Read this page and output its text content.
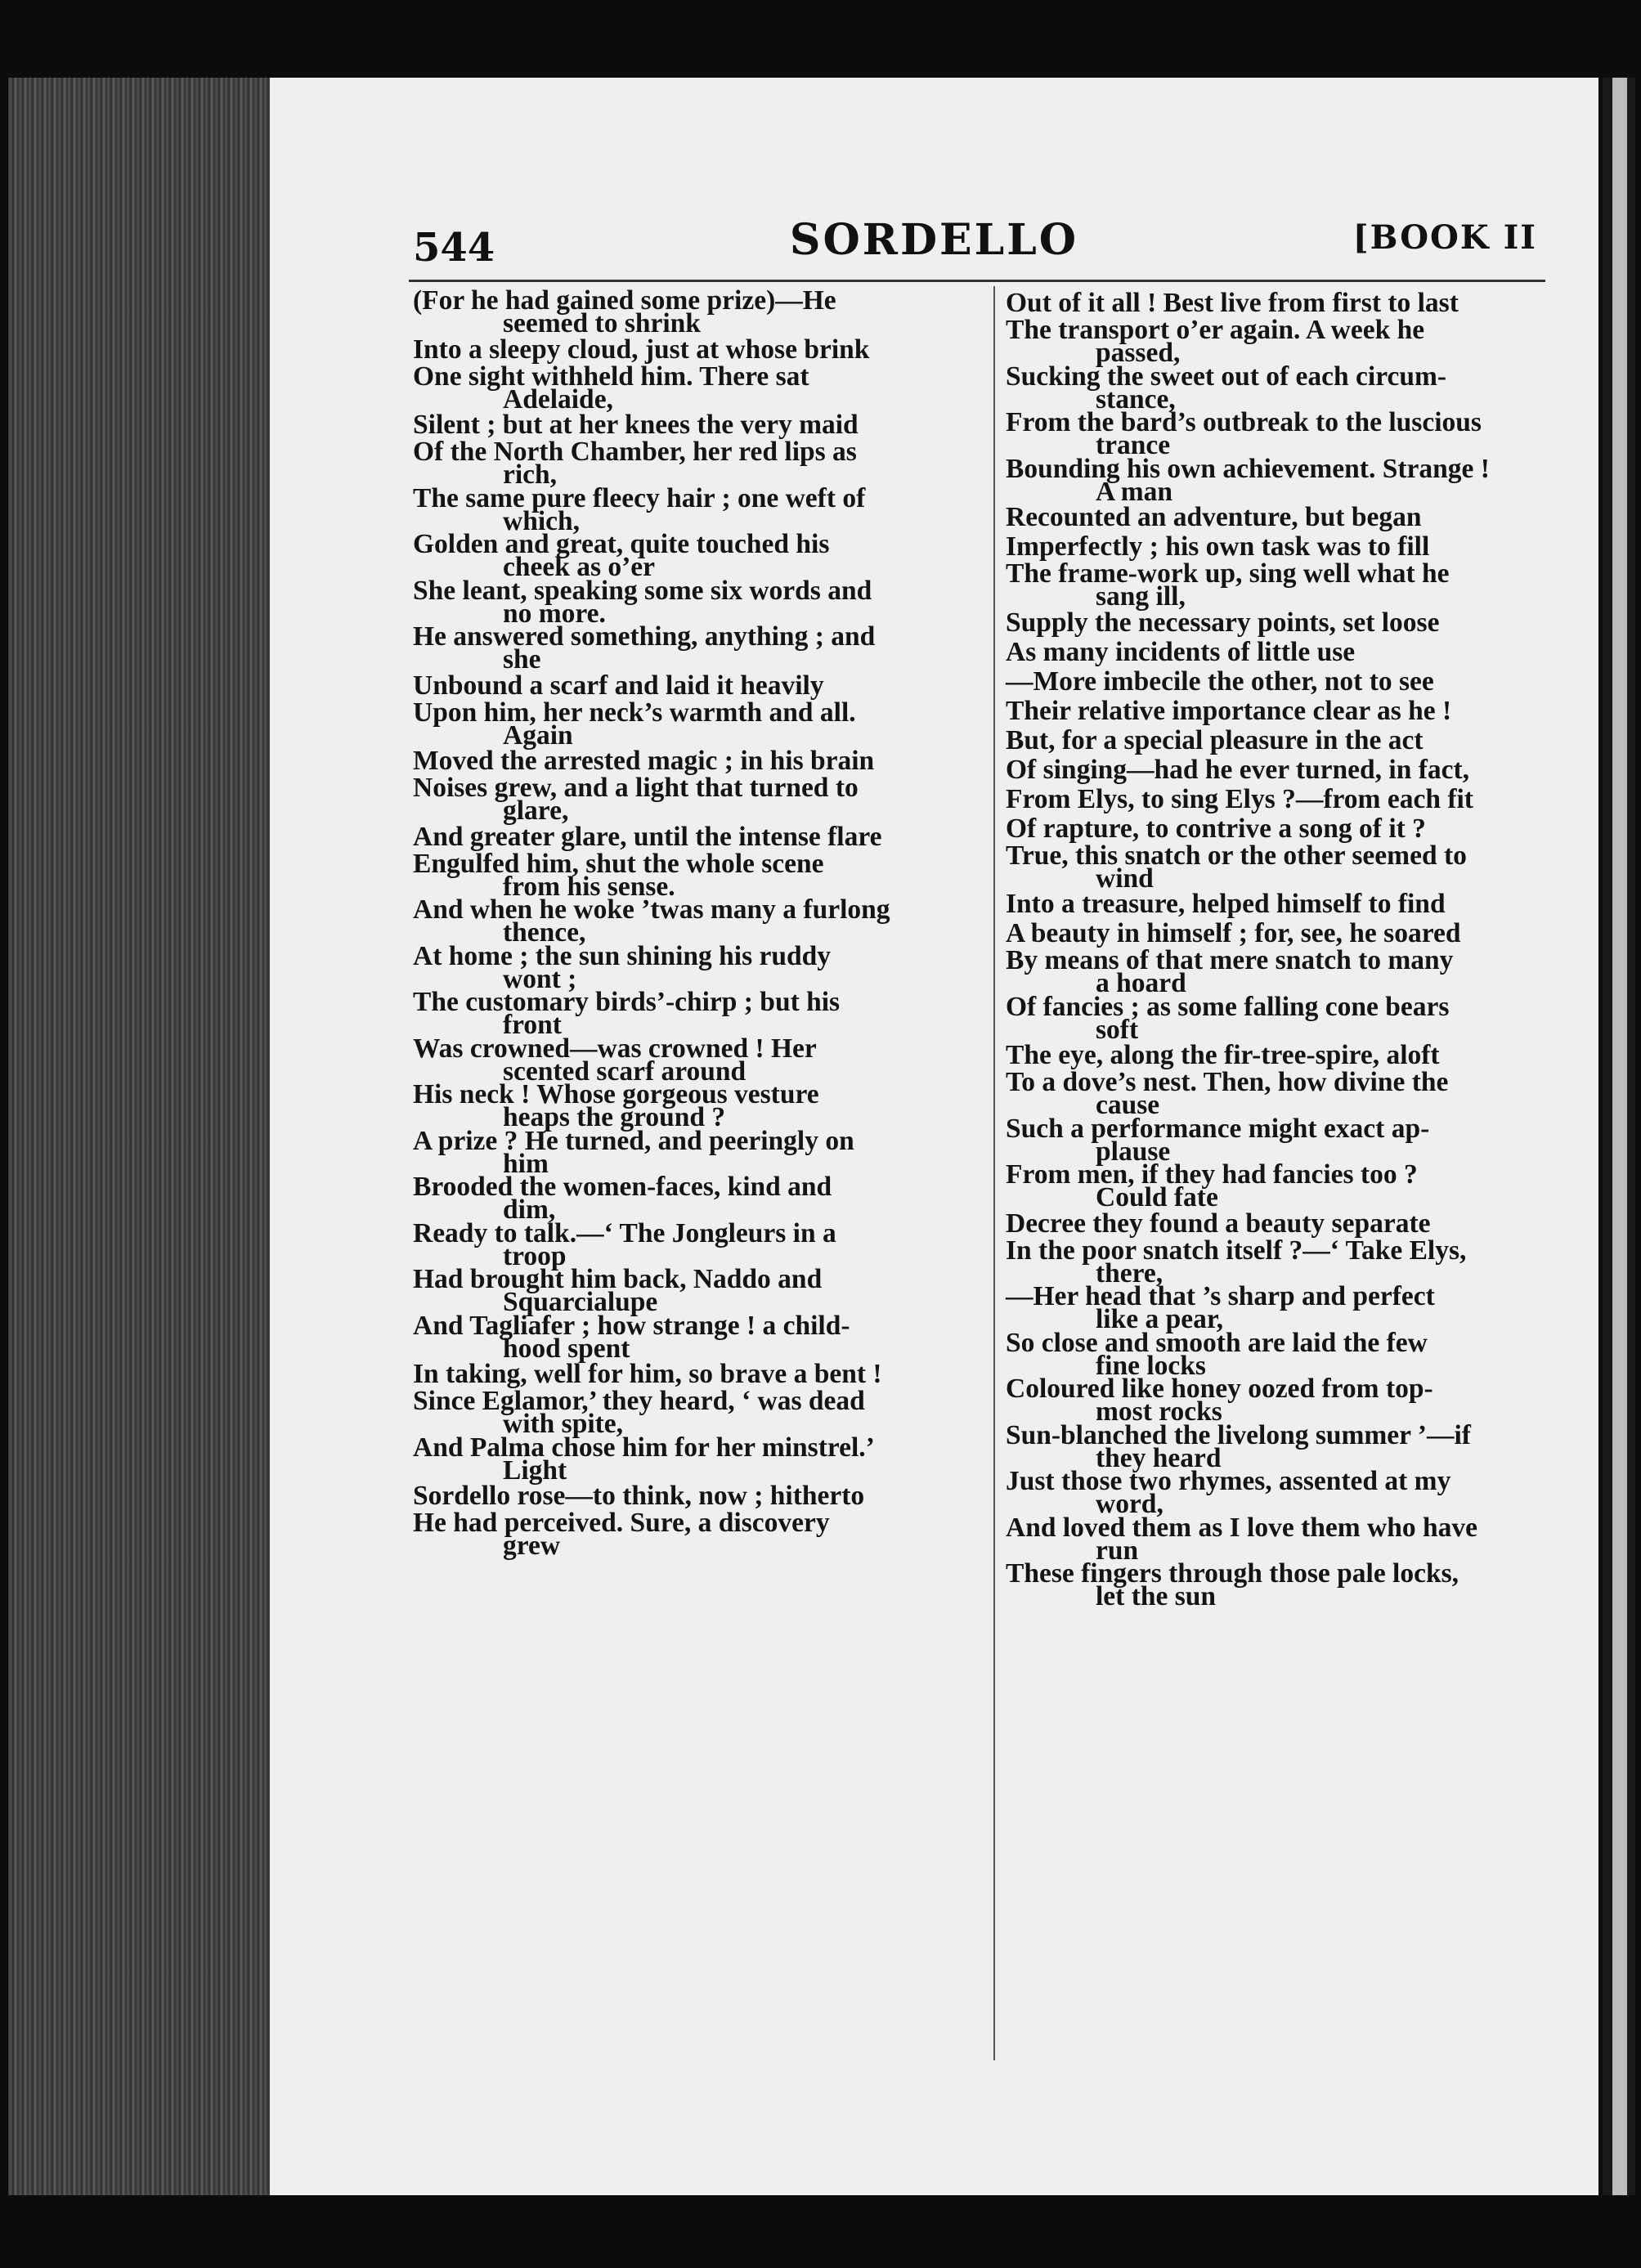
544	SORDELLO	[BOOK II
(For he had gained some prize)—He
seemed to shrink
Into a sleepy cloud, just at whose brink
One sight withheld him. There sat
Adelaide,
Silent ; but at her knees the very maid
Of the North Chamber, her red lips as
rich,
The same pure fleecy hair ; one weft of
which,
Golden and great, quite touched his
cheek as o’er
She leant, speaking some six words and
no more.
He answered something, anything ; and
she
Unbound a scarf and laid it heavily
Upon him, her neck’s warmth and all.
Again
Moved the arrested magic ; in his brain
Noises grew, and a light that turned to
glare,
And greater glare, until the intense flare
Engulfed him, shut the whole scene
from his sense.
And when he woke ’twas many a furlong
thence,
At home ; the sun shining his ruddy
wont ;
The customary birds’-chirp ; but his
front
Was crowned—was crowned ! Her
scented scarf around
His neck ! Whose gorgeous vesture
heaps the ground ?
A prize ? He turned, and peeringly on
him
Brooded the women-faces, kind and
dim,
Ready to talk.—‘ The Jongleurs in a
troop
Had brought him back, Naddo and
Squarcialupe
And Tagliafer ; how strange ! a child-
hood spent
In taking, well for him, so brave a bent !
Since Eglamor,’ they heard, ‘ was dead
with spite,
And Palma chose him for her minstrel.’
Light
Sordello rose—to think, now ; hitherto
He had perceived. Sure, a discovery
grew
Out of it all ! Best live from first to last
The transport o’er again. A week he
passed,
Sucking the sweet out of each circum-
stance,
From the bard’s outbreak to the luscious
trance
Bounding his own achievement. Strange !
A man
Recounted an adventure, but began
Imperfectly ; his own task was to fill
The frame-work up, sing well what he
sang ill,
Supply the necessary points, set loose
As many incidents of little use
—More imbecile the other, not to see
Their relative importance clear as he !
But, for a special pleasure in the act
Of singing—had he ever turned, in fact,
From Elys, to sing Elys ?—from each fit
Of rapture, to contrive a song of it ?
True, this snatch or the other seemed to
wind
Into a treasure, helped himself to find
A beauty in himself ; for, see, he soared
By means of that mere snatch to many
a hoard
Of fancies ; as some falling cone bears
soft
The eye, along the fir-tree-spire, aloft
To a dove’s nest. Then, how divine the
cause
Such a performance might exact ap-
plause
From men, if they had fancies too ?
Could fate
Decree they found a beauty separate
In the poor snatch itself ?—‘ Take Elys,
there,
—Her head that ’s sharp and perfect
like a pear,
So close and smooth are laid the few
fine locks
Coloured like honey oozed from top-
most rocks
Sun-blanched the livelong summer ’—if
they heard
Just those two rhymes, assented at my
word,
And loved them as I love them who have
run
These fingers through those pale locks,
let the sun
